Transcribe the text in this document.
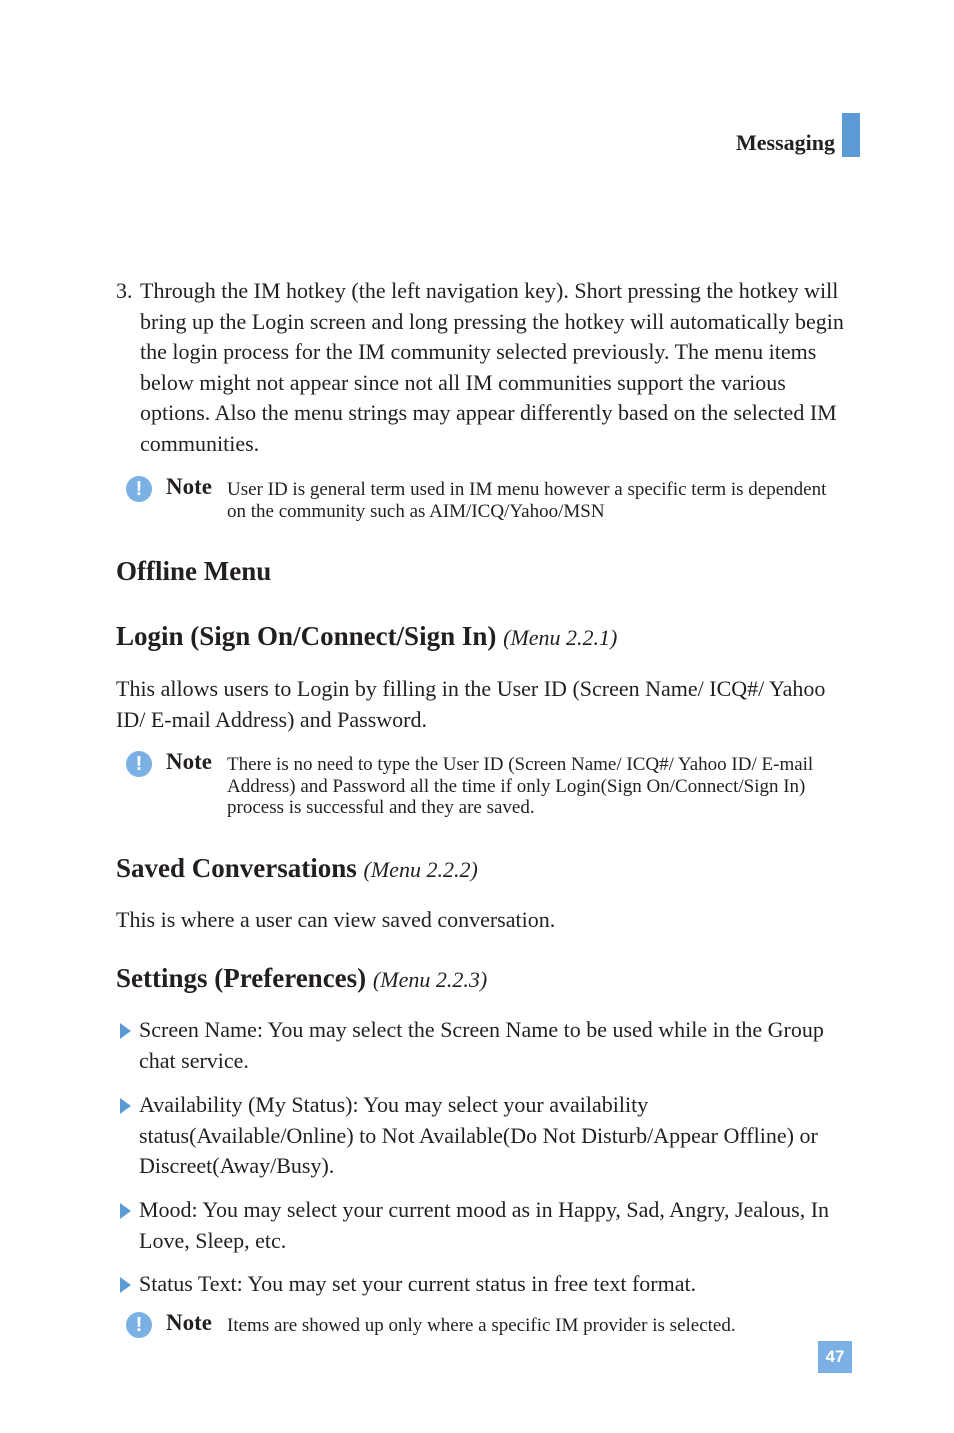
Messaging
3. Through the IM hotkey (the left navigation key). Short pressing the hotkey will bring up the Login screen and long pressing the hotkey will automatically begin the login process for the IM community selected previously. The menu items below might not appear since not all IM communities support the various options. Also the menu strings may appear differently based on the selected IM communities.
!	Note User ID is general term used in IM menu however a specific term is dependent on the community such as AIM/ICQ/Yahoo/MSN
Offline Menu
Login (Sign On/Connect/Sign In) (Menu 2.2.1)
This allows users to Login by filling in the User ID (Screen Name/ ICQ#/ Yahoo ID/ E-mail Address) and Password.
!	Note There is no need to type the User ID (Screen Name/ ICQ#/ Yahoo ID/ E-mail Address) and Password all the time if only Login(Sign On/Connect/Sign In) process is successful and they are saved.
Saved Conversations (Menu 2.2.2)
This is where a user can view saved conversation.
Settings (Preferences) (Menu 2.2.3)
Screen Name: You may select the Screen Name to be used while in the Group chat service.
Availability (My Status): You may select your availability status(Available/Online) to Not Available(Do Not Disturb/Appear Offline) or Discreet(Away/Busy).
Mood: You may select your current mood as in Happy, Sad, Angry, Jealous, In Love, Sleep, etc.
Status Text: You may set your current status in free text format.
!	Note Items are showed up only where a specific IM provider is selected.
47
